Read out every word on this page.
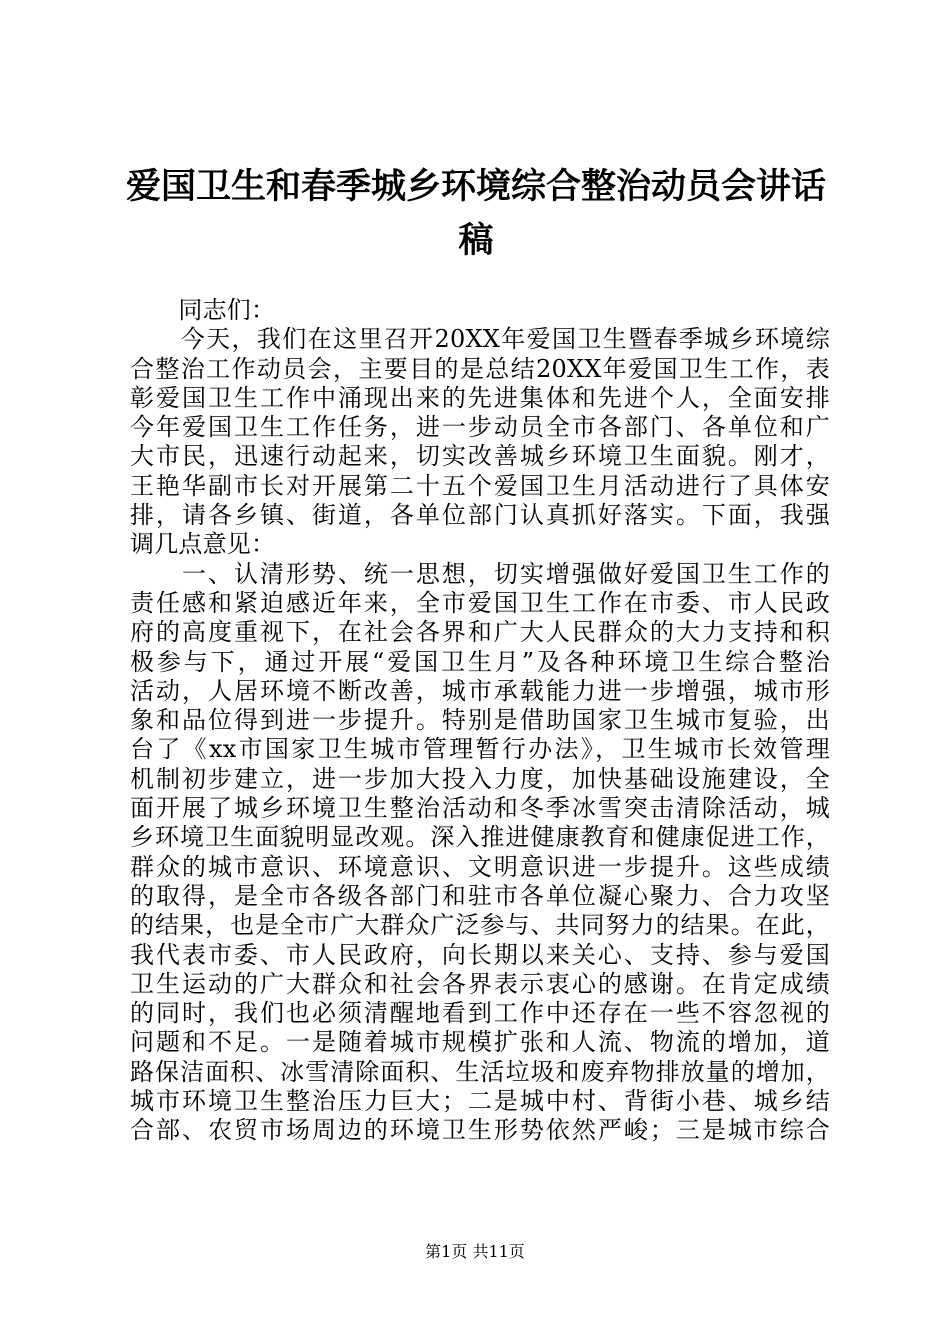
爱国卫生和春季城乡环境综合整治动员会讲话
稿
　　同志们：
　　今天，我们在这里召开20XX年爱国卫生暨春季城乡环境综
合整治工作动员会，主要目的是总结20XX年爱国卫生工作，表
彰爱国卫生工作中涌现出来的先进集体和先进个人，全面安排
今年爱国卫生工作任务，进一步动员全市各部门、各单位和广
大市民，迅速行动起来，切实改善城乡环境卫生面貌。刚才，
王艳华副市长对开展第二十五个爱国卫生月活动进行了具体安
排，请各乡镇、街道，各单位部门认真抓好落实。下面，我强
调几点意见：
　　一、认清形势、统一思想，切实增强做好爱国卫生工作的
责任感和紧迫感近年来，全市爱国卫生工作在市委、市人民政
府的高度重视下，在社会各界和广大人民群众的大力支持和积
极参与下，通过开展“爱国卫生月”及各种环境卫生综合整治
活动，人居环境不断改善，城市承载能力进一步增强，城市形
象和品位得到进一步提升。特别是借助国家卫生城市复验，出
台了《xx市国家卫生城市管理暂行办法》，卫生城市长效管理
机制初步建立，进一步加大投入力度，加快基础设施建设，全
面开展了城乡环境卫生整治活动和冬季冰雪突击清除活动，城
乡环境卫生面貌明显改观。深入推进健康教育和健康促进工作，
群众的城市意识、环境意识、文明意识进一步提升。这些成绩
的取得，是全市各级各部门和驻市各单位凝心聚力、合力攻坚
的结果，也是全市广大群众广泛参与、共同努力的结果。在此，
我代表市委、市人民政府，向长期以来关心、支持、参与爱国
卫生运动的广大群众和社会各界表示衷心的感谢。在肯定成绩
的同时，我们也必须清醒地看到工作中还存在一些不容忽视的
问题和不足。一是随着城市规模扩张和人流、物流的增加，道
路保洁面积、冰雪清除面积、生活垃圾和废弃物排放量的增加，
城市环境卫生整治压力巨大；二是城中村、背街小巷、城乡结
合部、农贸市场周边的环境卫生形势依然严峻；三是城市综合
第1页 共11页
